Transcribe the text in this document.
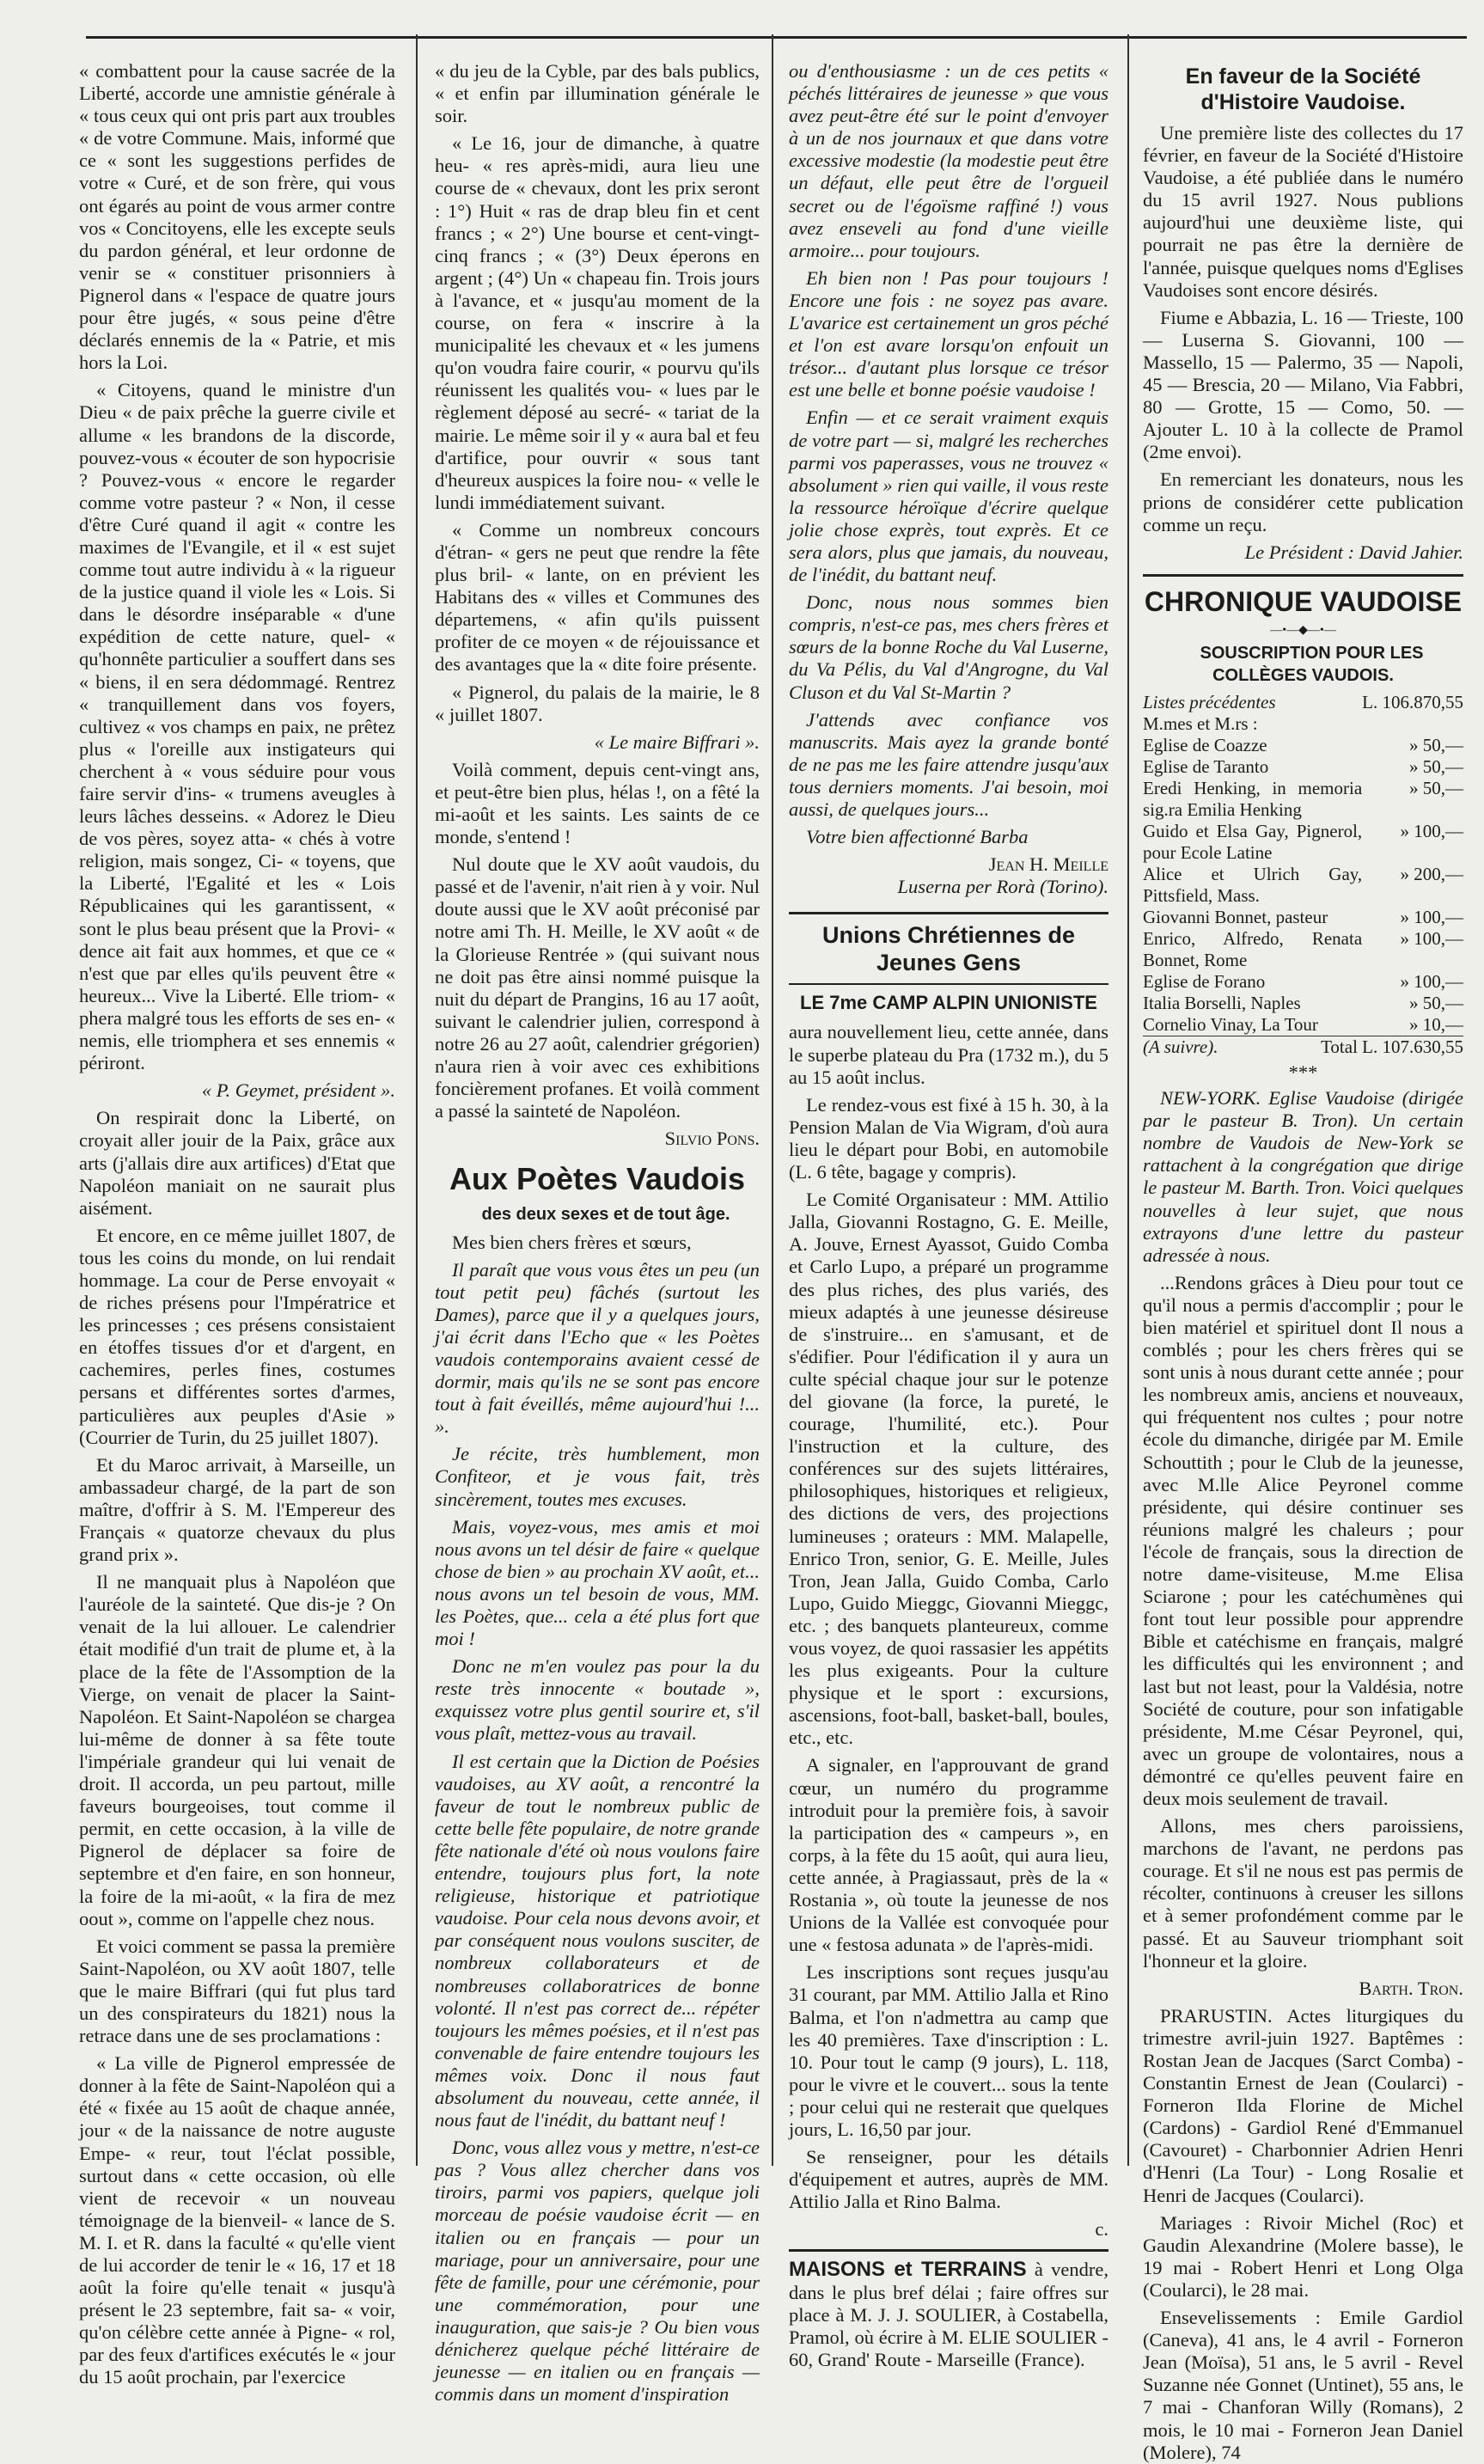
« combattent pour la cause sacrée de la Liberté, accorde une amnistie générale à « tous ceux qui ont pris part aux troubles « de votre Commune. Mais, informé que ce « sont les suggestions perfides de votre « Curé, et de son frère, qui vous ont égarés au point de vous armer contre vos « Concitoyens, elle les excepte seuls du pardon général, et leur ordonne de venir se « constituer prisonniers à Pignerol dans « l'espace de quatre jours pour être jugés, « sous peine d'être déclarés ennemis de la « Patrie, et mis hors la Loi.

« Citoyens, quand le ministre d'un Dieu « de paix prêche la guerre civile et allume « les brandons de la discorde, pouvez-vous « écouter de son hypocrisie ? Pouvez-vous « encore le regarder comme votre pasteur ? « Non, il cesse d'être Curé quand il agit « contre les maximes de l'Evangile, et il « est sujet comme tout autre individu à « la rigueur de la justice quand il viole les « Lois. Si dans le désordre inséparable « d'une expédition de cette nature, quel- « qu'honnête particulier a souffert dans ses « biens, il en sera dédommagé. Rentrez « tranquillement dans vos foyers, cultivez « vos champs en paix, ne prêtez plus « l'oreille aux instigateurs qui cherchent à « vous séduire pour vous faire servir d'ins- « trumens aveugles à leurs lâches desseins. « Adorez le Dieu de vos pères, soyez atta- « chés à votre religion, mais songez, Ci- « toyens, que la Liberté, l'Egalité et les « Lois Républicaines qui les garantissent, « sont le plus beau présent que la Provi- « dence ait fait aux hommes, et que ce « n'est que par elles qu'ils peuvent être « heureux... Vive la Liberté. Elle triom- « phera malgré tous les efforts de ses en- « nemis, elle triomphera et ses ennemis « périront.

« P. Geymet, président ».

On respirait donc la Liberté, on croyait aller jouir de la Paix, grâce aux arts (j'allais dire aux artifices) d'Etat que Napoléon maniait on ne saurait plus aisément.

Et encore, en ce même juillet 1807, de tous les coins du monde, on lui rendait hommage. La cour de Perse envoyait « de riches présens pour l'Impératrice et les princesses ; ces présens consistaient en étoffes tissues d'or et d'argent, en cachemires, perles fines, costumes persans et différentes sortes d'armes, particulières aux peuples d'Asie » (Courrier de Turin, du 25 juillet 1807).

Et du Maroc arrivait, à Marseille, un ambassadeur chargé, de la part de son maître, d'offrir à S. M. l'Empereur des Français « quatorze chevaux du plus grand prix ».

Il ne manquait plus à Napoléon que l'auréole de la sainteté. Que dis-je ? On venait de la lui allouer. Le calendrier était modifié d'un trait de plume et, à la place de la fête de l'Assomption de la Vierge, on venait de placer la Saint-Napoléon. Et Saint-Napoléon se chargea lui-même de donner à sa fête toute l'impériale grandeur qui lui venait de droit. Il accorda, un peu partout, mille faveurs bourgeoises, tout comme il permit, en cette occasion, à la ville de Pignerol de déplacer sa foire de septembre et d'en faire, en son honneur, la foire de la mi-août, « la fira de mez oout », comme on l'appelle chez nous.

Et voici comment se passa la première Saint-Napoléon, ou XV août 1807, telle que le maire Biffrari (qui fut plus tard un des conspirateurs du 1821) nous la retrace dans une de ses proclamations :

« La ville de Pignerol empressée de donner à la fête de Saint-Napoléon qui a été « fixée au 15 août de chaque année, jour « de la naissance de notre auguste Empe- « reur, tout l'éclat possible, surtout dans « cette occasion, où elle vient de recevoir « un nouveau témoignage de la bienveil- « lance de S. M. I. et R. dans la faculté « qu'elle vient de lui accorder de tenir le « 16, 17 et 18 août la foire qu'elle tenait « jusqu'à présent le 23 septembre, fait sa- « voir, qu'on célèbre cette année à Pigne- « rol, par des feux d'artifices exécutés le « jour du 15 août prochain, par l'exercice

« du jeu de la Cyble, par des bals publics, « et enfin par illumination générale le soir.

« Le 16, jour de dimanche, à quatre heu- « res après-midi, aura lieu une course de « chevaux, dont les prix seront : 1°) Huit « ras de drap bleu fin et cent francs ; « 2°) Une bourse et cent-vingt-cinq francs ; « (3°) Deux éperons en argent ; (4°) Un « chapeau fin. Trois jours à l'avance, et « jusqu'au moment de la course, on fera « inscrire à la municipalité les chevaux et « les jumens qu'on voudra faire courir, « pourvu qu'ils réunissent les qualités vou- « lues par le règlement déposé au secré- « tariat de la mairie. Le même soir il y « aura bal et feu d'artifice, pour ouvrir « sous tant d'heureux auspices la foire nou- « velle le lundi immédiatement suivant.

« Comme un nombreux concours d'étran- « gers ne peut que rendre la fête plus bril- « lante, on en prévient les Habitans des « villes et Communes des départemens, « afin qu'ils puissent profiter de ce moyen « de réjouissance et des avantages que la « dite foire présente.

« Pignerol, du palais de la mairie, le 8 « juillet 1807.

« Le maire Biffrari ».

Voilà comment, depuis cent-vingt ans, et peut-être bien plus, hélas !, on a fêté la mi-août et les saints. Les saints de ce monde, s'entend !

Nul doute que le XV août vaudois, du passé et de l'avenir, n'ait rien à y voir. Nul doute aussi que le XV août préconisé par notre ami Th. H. Meille, le XV août « de la Glorieuse Rentrée » (qui suivant nous ne doit pas être ainsi nommé puisque la nuit du départ de Prangins, 16 au 17 août, suivant le calendrier julien, correspond à notre 26 au 27 août, calendrier grégorien) n'aura rien à voir avec ces exhibitions foncièrement profanes. Et voilà comment a passé la sainteté de Napoléon.

Silvio Pons.

Aux Poètes Vaudois

des deux sexes et de tout âge.

Mes bien chers frères et sœurs,

Il paraît que vous vous êtes un peu (un tout petit peu) fâchés (surtout les Dames), parce que il y a quelques jours, j'ai écrit dans l'Echo que « les Poètes vaudois contemporains avaient cessé de dormir, mais qu'ils ne se sont pas encore tout à fait éveillés, même aujourd'hui !... ».

Je récite, très humblement, mon Confiteor, et je vous fait, très sincèrement, toutes mes excuses.

Mais, voyez-vous, mes amis et moi nous avons un tel désir de faire « quelque chose de bien » au prochain XV août, et... nous avons un tel besoin de vous, MM. les Poètes, que... cela a été plus fort que moi !

Donc ne m'en voulez pas pour la du reste très innocente « boutade », exquissez votre plus gentil sourire et, s'il vous plaît, mettez-vous au travail.

Il est certain que la Diction de Poésies vaudoises, au XV août, a rencontré la faveur de tout le nombreux public de cette belle fête populaire, de notre grande fête nationale d'été où nous voulons faire entendre, toujours plus fort, la note religieuse, historique et patriotique vaudoise. Pour cela nous devons avoir, et par conséquent nous voulons susciter, de nombreux collaborateurs et de nombreuses collaboratrices de bonne volonté. Il n'est pas correct de... répéter toujours les mêmes poésies, et il n'est pas convenable de faire entendre toujours les mêmes voix. Donc il nous faut absolument du nouveau, cette année, il nous faut de l'inédit, du battant neuf !

Donc, vous allez vous y mettre, n'est-ce pas ? Vous allez chercher dans vos tiroirs, parmi vos papiers, quelque joli morceau de poésie vaudoise écrit — en italien ou en français — pour un mariage, pour un anniversaire, pour une fête de famille, pour une cérémonie, pour une commémoration, pour une inauguration, que sais-je ? Ou bien vous dénicherez quelque péché littéraire de jeunesse — en italien ou en français — commis dans un moment d'inspiration

ou d'enthousiasme : un de ces petits « péchés littéraires de jeunesse » que vous avez peut-être été sur le point d'envoyer à un de nos journaux et que dans votre excessive modestie (la modestie peut être un défaut, elle peut être de l'orgueil secret ou de l'égoïsme raffiné !) vous avez enseveli au fond d'une vieille armoire... pour toujours.

Eh bien non ! Pas pour toujours ! Encore une fois : ne soyez pas avare. L'avarice est certainement un gros péché et l'on est avare lorsqu'on enfouit un trésor... d'autant plus lorsque ce trésor est une belle et bonne poésie vaudoise !

Enfin — et ce serait vraiment exquis de votre part — si, malgré les recherches parmi vos paperasses, vous ne trouvez « absolument » rien qui vaille, il vous reste la ressource héroïque d'écrire quelque jolie chose exprès, tout exprès. Et ce sera alors, plus que jamais, du nouveau, de l'inédit, du battant neuf.

Donc, nous nous sommes bien compris, n'est-ce pas, mes chers frères et sœurs de la bonne Roche du Val Luserne, du Va Pélis, du Val d'Angrogne, du Val Cluson et du Val St-Martin ?

J'attends avec confiance vos manuscrits. Mais ayez la grande bonté de ne pas me les faire attendre jusqu'aux tous derniers moments. J'ai besoin, moi aussi, de quelques jours...

Votre bien affectionné Barba

Jean H. Meille

Luserna per Rorà (Torino).

Unions Chrétiennes de Jeunes Gens
LE 7me CAMP ALPIN UNIONISTE

aura nouvellement lieu, cette année, dans le superbe plateau du Pra (1732 m.), du 5 au 15 août inclus.

Le rendez-vous est fixé à 15 h. 30, à la Pension Malan de Via Wigram, d'où aura lieu le départ pour Bobi, en automobile (L. 6 tête, bagage y compris).

Le Comité Organisateur : MM. Attilio Jalla, Giovanni Rostagno, G. E. Meille, A. Jouve, Ernest Ayassot, Guido Comba et Carlo Lupo, a préparé un programme des plus riches, des plus variés, des mieux adaptés à une jeunesse désireuse de s'instruire... en s'amusant, et de s'édifier. Pour l'édification il y aura un culte spécial chaque jour sur le potenze del giovane (la force, la pureté, le courage, l'humilité, etc.). Pour l'instruction et la culture, des conférences sur des sujets littéraires, philosophiques, historiques et religieux, des dictions de vers, des projections lumineuses ; orateurs : MM. Malapelle, Enrico Tron, senior, G. E. Meille, Jules Tron, Jean Jalla, Guido Comba, Carlo Lupo, Guido Mieggc, Giovanni Mieggc, etc. ; des banquets planteureux, comme vous voyez, de quoi rassasier les appétits les plus exigeants. Pour la culture physique et le sport : excursions, ascensions, foot-ball, basket-ball, boules, etc., etc.

A signaler, en l'approuvant de grand cœur, un numéro du programme introduit pour la première fois, à savoir la participation des « campeurs », en corps, à la fête du 15 août, qui aura lieu, cette année, à Pragiassaut, près de la « Rostania », où toute la jeunesse de nos Unions de la Vallée est convoquée pour une « festosa adunata » de l'après-midi.

Les inscriptions sont reçues jusqu'au 31 courant, par MM. Attilio Jalla et Rino Balma, et l'on n'admettra au camp que les 40 premières. Taxe d'inscription : L. 10. Pour tout le camp (9 jours), L. 118, pour le vivre et le couvert... sous la tente ; pour celui qui ne resterait que quelques jours, L. 16,50 par jour.

Se renseigner, pour les détails d'équipement et autres, auprès de MM. Attilio Jalla et Rino Balma.

c.

MAISONS et TERRAINS à vendre, dans le plus bref délai ; faire offres sur place à M. J. J. SOULIER, à Costabella, Pramol, où écrire à M. ELIE SOULIER - 60, Grand' Route - Marseille (France).

En faveur de la Société d'Histoire Vaudoise.

Une première liste des collectes du 17 février, en faveur de la Société d'Histoire Vaudoise, a été publiée dans le numéro du 15 avril 1927. Nous publions aujourd'hui une deuxième liste, qui pourrait ne pas être la dernière de l'année, puisque quelques noms d'Eglises Vaudoises sont encore désirés.

Fiume e Abbazia, L. 16 — Trieste, 100 — Luserna S. Giovanni, 100 — Massello, 15 — Palermo, 35 — Napoli, 45 — Brescia, 20 — Milano, Via Fabbri, 80 — Grotte, 15 — Como, 50. — Ajouter L. 10 à la collecte de Pramol (2me envoi).

En remerciant les donateurs, nous les prions de considérer cette publication comme un reçu.

Le Président : David Jahier.

CHRONIQUE VAUDOISE
—•—◆—•—

SOUSCRIPTION POUR LES COLLÈGES VAUDOIS.

Listes précédentes	L. 106.870,55
M.mes et M.rs :	
Eglise de Coazze	» 50,—
Eglise de Taranto	» 50,—
Eredi Henking, in memoria sig.ra Emilia Henking	» 50,—
Guido et Elsa Gay, Pignerol, pour Ecole Latine	» 100,—
Alice et Ulrich Gay, Pittsfield, Mass.	» 200,—
Giovanni Bonnet, pasteur	» 100,—
Enrico, Alfredo, Renata Bonnet, Rome	» 100,—
Eglise de Forano	» 100,—
Italia Borselli, Naples	» 50,—
Cornelio Vinay, La Tour	» 10,—
(A suivre).	Total L. 107.630,55
***

NEW-YORK. Eglise Vaudoise (dirigée par le pasteur B. Tron). Un certain nombre de Vaudois de New-York se rattachent à la congrégation que dirige le pasteur M. Barth. Tron. Voici quelques nouvelles à leur sujet, que nous extrayons d'une lettre du pasteur adressée à nous.

...Rendons grâces à Dieu pour tout ce qu'il nous a permis d'accomplir ; pour le bien matériel et spirituel dont Il nous a comblés ; pour les chers frères qui se sont unis à nous durant cette année ; pour les nombreux amis, anciens et nouveaux, qui fréquentent nos cultes ; pour notre école du dimanche, dirigée par M. Emile Schouttith ; pour le Club de la jeunesse, avec M.lle Alice Peyronel comme présidente, qui désire continuer ses réunions malgré les chaleurs ; pour l'école de français, sous la direction de notre dame-visiteuse, M.me Elisa Sciarone ; pour les catéchumènes qui font tout leur possible pour apprendre Bible et catéchisme en français, malgré les difficultés qui les environnent ; and last but not least, pour la Valdésia, notre Société de couture, pour son infatigable présidente, M.me César Peyronel, qui, avec un groupe de volontaires, nous a démontré ce qu'elles peuvent faire en deux mois seulement de travail.

Allons, mes chers paroissiens, marchons de l'avant, ne perdons pas courage. Et s'il ne nous est pas permis de récolter, continuons à creuser les sillons et à semer profondément comme par le passé. Et au Sauveur triomphant soit l'honneur et la gloire.

Barth. Tron.

PRARUSTIN. Actes liturgiques du trimestre avril-juin 1927. Baptêmes : Rostan Jean de Jacques (Sarct Comba) - Constantin Ernest de Jean (Coularci) - Forneron Ilda Florine de Michel (Cardons) - Gardiol René d'Emmanuel (Cavouret) - Charbonnier Adrien Henri d'Henri (La Tour) - Long Rosalie et Henri de Jacques (Coularci).

Mariages : Rivoir Michel (Roc) et Gaudin Alexandrine (Molere basse), le 19 mai - Robert Henri et Long Olga (Coularci), le 28 mai.

Ensevelissements : Emile Gardiol (Caneva), 41 ans, le 4 avril - Forneron Jean (Moïsa), 51 ans, le 5 avril - Revel Suzanne née Gonnet (Untinet), 55 ans, le 7 mai - Chanforan Willy (Romans), 2 mois, le 10 mai - Forneron Jean Daniel (Molere), 74
